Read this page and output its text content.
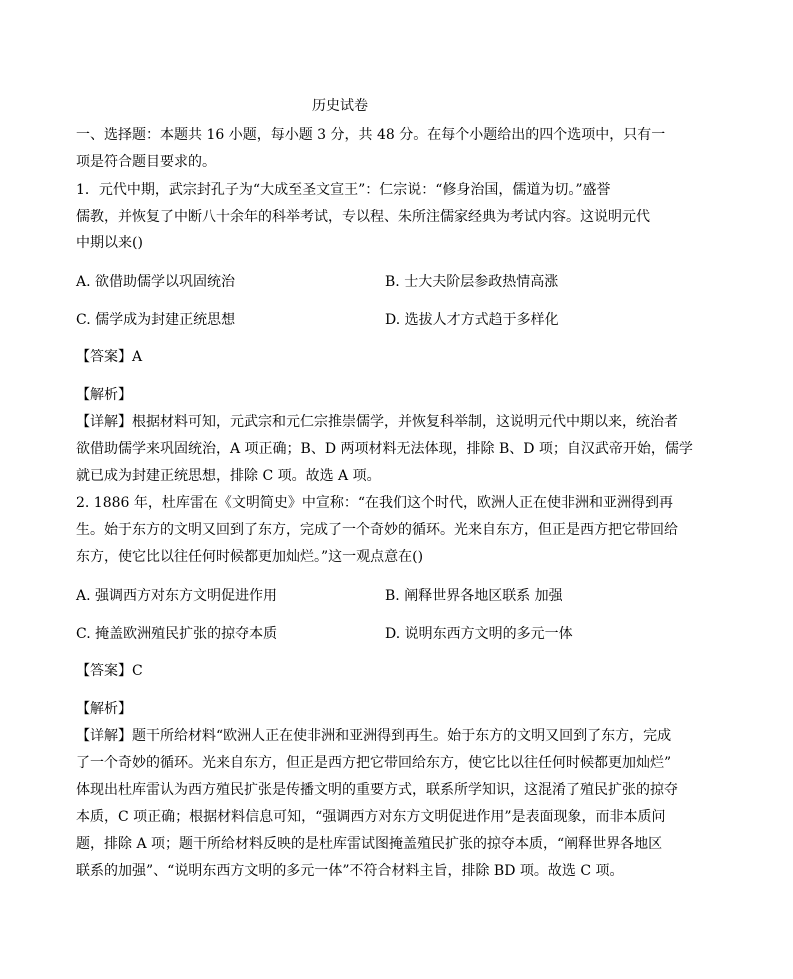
历史试卷
一、选择题：本题共 16 小题，每小题 3 分，共 48 分。在每个小题给出的四个选项中，只有一
项是符合题目要求的。
1．元代中期，武宗封孔子为“大成至圣文宣王”：仁宗说：“修身治国，儒道为切。”盛誉
儒教，并恢复了中断八十余年的科举考试，专以程、朱所注儒家经典为考试内容。这说明元代
中期以来()
A. 欲借助儒学以巩固统治	B. 士大夫阶层参政热情高涨
C. 儒学成为封建正统思想	D. 选拔人才方式趋于多样化
【答案】A
【解析】
【详解】根据材料可知，元武宗和元仁宗推崇儒学，并恢复科举制，这说明元代中期以来，统治者
欲借助儒学来巩固统治，A 项正确；B、D 两项材料无法体现，排除 B、D 项；自汉武帝开始，儒学
就已成为封建正统思想，排除 C 项。故选 A 项。
2. 1886 年，杜库雷在《文明简史》中宣称：“在我们这个时代，欧洲人正在使非洲和亚洲得到再
生。始于东方的文明又回到了东方，完成了一个奇妙的循环。光来自东方，但正是西方把它带回给
东方，使它比以往任何时候都更加灿烂。”这一观点意在()
A. 强调西方对东方文明促进作用	B. 阐释世界各地区联系 加强
C. 掩盖欧洲殖民扩张的掠夺本质	D. 说明东西方文明的多元一体
【答案】C
【解析】
【详解】题干所给材料“欧洲人正在使非洲和亚洲得到再生。始于东方的文明又回到了东方，完成
了一个奇妙的循环。光来自东方，但正是西方把它带回给东方，使它比以往任何时候都更加灿烂”
体现出杜库雷认为西方殖民扩张是传播文明的重要方式，联系所学知识，这混淆了殖民扩张的掠夺
本质，C 项正确；根据材料信息可知，“强调西方对东方文明促进作用”是表面现象，而非本质问
题，排除 A 项；题干所给材料反映的是杜库雷试图掩盖殖民扩张的掠夺本质，“阐释世界各地区
联系的加强”、“说明东西方文明的多元一体”不符合材料主旨，排除 BD 项。故选 C 项。
